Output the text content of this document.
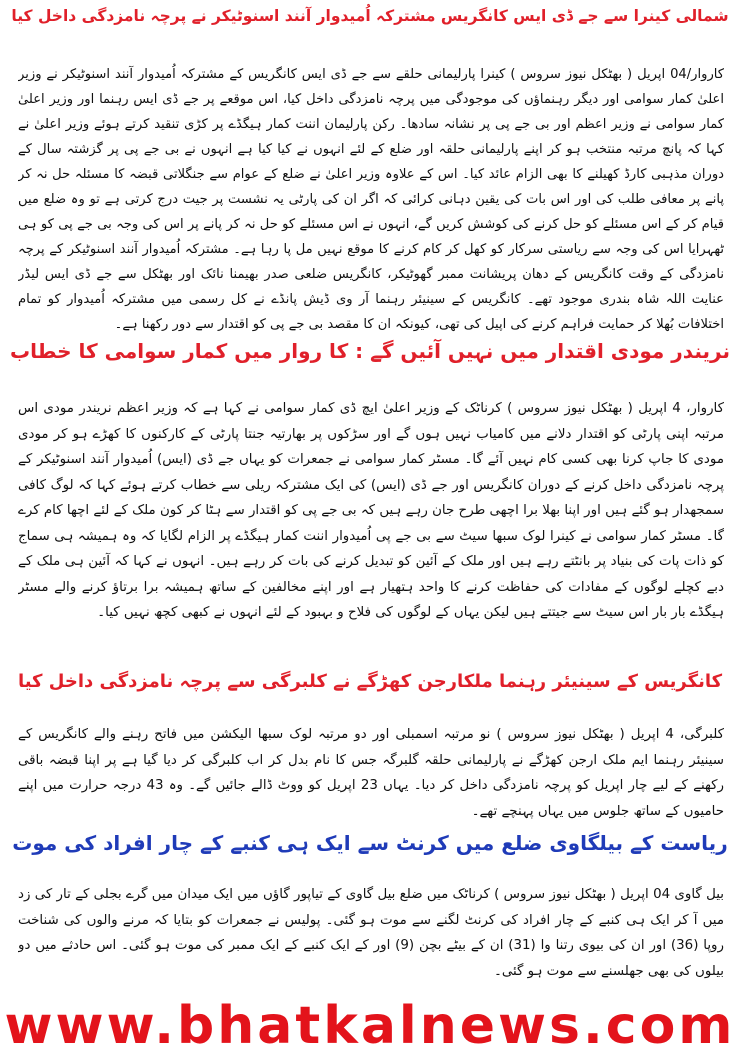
شمالی کینرا سے جے ڈی ایس کانگریس مشترکہ اُمیدوار آنند اسنوٹیکر نے پرچہ نامزدگی داخل کیا
کاروار/04 اپریل ( بھٹکل نیوز سروس ) کینرا پارلیمانی حلقے سے جے ڈی ایس کانگریس کے مشترکہ اُمیدوار آنند اسنوٹیکر نے وزیر اعلیٰ کمار سوامی اور دیگر رہنماؤں کی موجودگی میں پرچہ نامزدگی داخل کیا، اس موقعے پر جے ڈی ایس رہنما اور وزیر اعلیٰ کمار سوامی نے وزیر اعظم اور بی جے پی پر نشانہ سادھا۔ رکن پارلیمان اننت کمار ہیگڈے پر کڑی تنقید کرتے ہوئے وزیر اعلیٰ نے کہا کہ پانچ مرتبہ منتخب ہو کر اپنے پارلیمانی حلقہ اور ضلع کے لئے انہوں نے کیا کیا ہے انہوں نے بی جے پی پر گزشتہ سال کے دوران مذہبی کارڈ کھیلنے کا بھی الزام عائد کیا۔ اس کے علاوہ وزیر اعلیٰ نے ضلع کے عوام سے جنگلاتی قبضہ کا مسئلہ حل نہ کر پانے پر معافی طلب کی اور اس بات کی یقین دہانی کرائی کہ اگر ان کی پارٹی یہ نشست پر جیت درج کرتی ہے تو وہ ضلع میں قیام کر کے اس مسئلے کو حل کرنے کی کوشش کریں گے، انہوں نے اس مسئلے کو حل نہ کر پانے پر اس کی وجہ بی جے پی کو ہی ٹھہرایا اس کی وجہ سے ریاستی سرکار کو کھل کر کام کرنے کا موقع نہیں مل پا رہا ہے۔ مشترکہ اُمیدوار آنند اسنوٹیکر کے پرچہ نامزدگی کے وقت کانگریس کے دھان پریشانت ممبر گھوٹیکر، کانگریس ضلعی صدر بھیمنا نائک اور بھٹکل سے جے ڈی ایس لیڈر عنایت اللہ شاہ بندری موجود تھے۔ کانگریس کے سینیئر رہنما آر وی ڈیش پانڈے نے کل رسمی میں مشترکہ اُمیدوار کو تمام اختلافات بُھلا کر حمایت فراہم کرنے کی اپیل کی تھی، کیونکہ ان کا مقصد بی جے پی کو اقتدار سے دور رکھنا ہے۔
نریندر مودی اقتدار میں نہیں آئیں گے : کا روار میں کمار سوامی کا خطاب
کاروار، 4 اپریل ( بھٹکل نیوز سروس ) کرناٹک کے وزیر اعلیٰ ایچ ڈی کمار سوامی نے کہا ہے کہ وزیر اعظم نریندر مودی اس مرتبہ اپنی پارٹی کو اقتدار دلانے میں کامیاب نہیں ہوں گے اور سڑکوں پر بھارتیہ جنتا پارٹی کے کارکنوں کا کھڑے ہو کر مودی مودی کا جاپ کرنا بھی کسی کام نہیں آئے گا۔ مسٹر کمار سوامی نے جمعرات کو یہاں جے ڈی (ایس) اُمیدوار آنند اسنوٹیکر کے پرچہ نامزدگی داخل کرنے کے دوران کانگریس اور جے ڈی (ایس) کی ایک مشترکہ ریلی سے خطاب کرتے ہوئے کہا کہ لوگ کافی سمجھدار ہو گئے ہیں اور اپنا بھلا برا اچھی طرح جان رہے ہیں کہ بی جے پی کو اقتدار سے ہٹا کر کون ملک کے لئے اچھا کام کرے گا۔ مسٹر کمار سوامی نے کینرا لوک سبھا سیٹ سے بی جے پی اُمیدوار اننت کمار ہیگڈے پر الزام لگایا کہ وہ ہمیشہ ہی سماج کو ذات پات کی بنیاد پر بانٹتے رہے ہیں اور ملک کے آئین کو تبدیل کرنے کی بات کر رہے ہیں۔ انہوں نے کہا کہ آئین ہی ملک کے دبے کچلے لوگوں کے مفادات کی حفاظت کرنے کا واحد ہتھیار ہے اور اپنے مخالفین کے ساتھ ہمیشہ برا برتاؤ کرنے والے مسٹر ہیگڈے بار بار اس سیٹ سے جیتتے ہیں لیکن یہاں کے لوگوں کی فلاح و بہبود کے لئے انہوں نے کبھی کچھ نہیں کیا۔
کانگریس کے سینیئر رہنما ملکارجن کھڑگے نے کلبرگی سے پرچہ نامزدگی داخل کیا
کلبرگی، 4 اپریل ( بھٹکل نیوز سروس ) نو مرتبہ اسمبلی اور دو مرتبہ لوک سبھا الیکشن میں فاتح رہنے والے کانگریس کے سینیئر رہنما ایم ملک ارجن کھڑگے نے پارلیمانی حلقہ گلبرگہ جس کا نام بدل کر اب کلبرگی کر دیا گیا ہے پر اپنا قبضہ باقی رکھنے کے لیے چار اپریل کو پرچہ نامزدگی داخل کر دیا۔ یہاں 23 اپریل کو ووٹ ڈالے جائیں گے۔ وہ 43 درجہ حرارت میں اپنے حامیوں کے ساتھ جلوس میں یہاں پہنچے تھے۔
ریاست کے بیلگاوی ضلع میں کرنٹ سے ایک ہی کنبے کے چار افراد کی موت
بیل گاوی 04 اپریل ( بھٹکل نیوز سروس ) کرناٹک میں ضلع بیل گاوی کے تیاپور گاؤں میں ایک میدان میں گرے بجلی کے تار کی زد میں آ کر ایک ہی کنبے کے چار افراد کی کرنٹ لگنے سے موت ہو گئی۔ پولیس نے جمعرات کو بتایا کہ مرنے والوں کی شناخت روپا (36) اور ان کی بیوی رتنا وا (31) ان کے بیٹے بچن (9) اور کے ایک کنبے کے ایک ممبر کی موت ہو گئی۔ اس حادثے میں دو بیلوں کی بھی جھلسنے سے موت ہو گئی۔
www.bhatkalnews.com
